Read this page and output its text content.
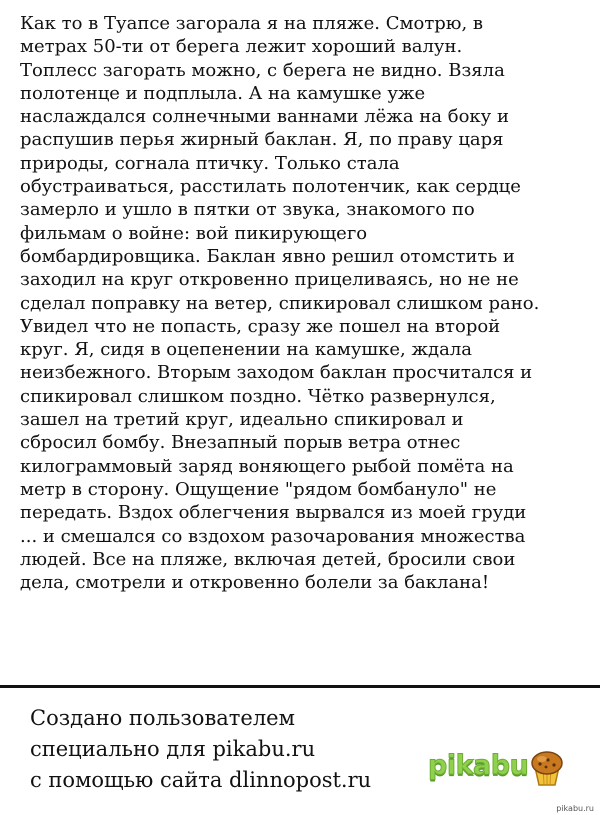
Как то в Туапсе загорала я на пляже. Смотрю, в
метрах 50-ти от берега лежит хороший валун.
Топлесс загорать можно, с берега не видно. Взяла
полотенце и подплыла. А на камушке уже
наслаждался солнечными ваннами лёжа на боку и
распушив перья жирный баклан. Я, по праву царя
природы, согнала птичку. Только стала
обустраиваться, расстилать полотенчик, как сердце
замерло и ушло в пятки от звука, знакомого по
фильмам о войне: вой пикирующего
бомбардировщика. Баклан явно решил отомстить и
заходил на круг откровенно прицеливаясь, но не не
сделал поправку на ветер, спикировал слишком рано.
Увидел что не попасть, сразу же пошел на второй
круг. Я, сидя в оцепенении на камушке, ждала
неизбежного. Вторым заходом баклан просчитался и
спикировал слишком поздно. Чётко развернулся,
зашел на третий круг, идеально спикировал и
сбросил бомбу. Внезапный порыв ветра отнес
килограммовый заряд воняющего рыбой помёта на
метр в сторону. Ощущение "рядом бомбануло" не
передать. Вздох облегчения вырвался из моей груди
... и смешался со вздохом разочарования множества
людей. Все на пляже, включая детей, бросили свои
дела, смотрели и откровенно болели за баклана!
Создано пользователем
специально для pikabu.ru
с помощью сайта dlinnopost.ru pikabu
pikabu.ru
